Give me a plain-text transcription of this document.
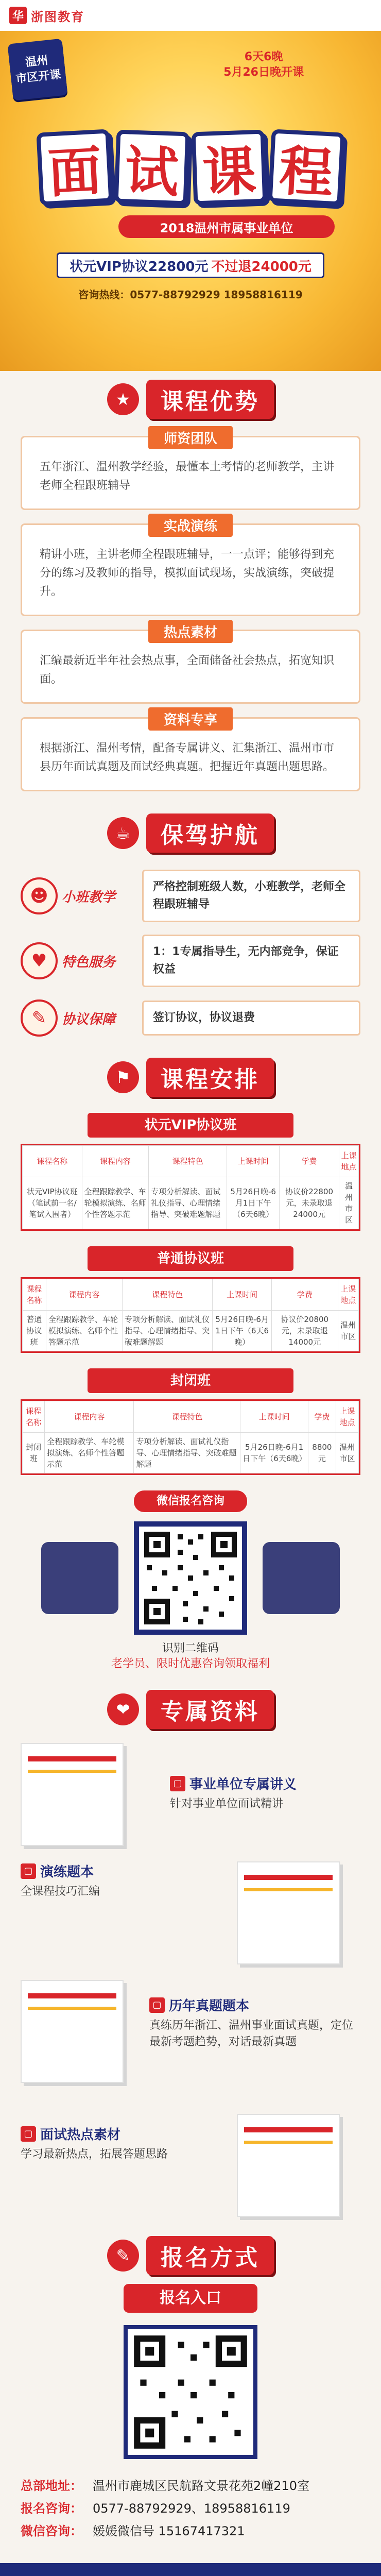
华 浙图教育
温州
市区开课
6天6晚
5月26日晚开课
面 试 课 程
2018温州市属事业单位
状元VIP协议22800元 不过退24000元
咨询热线：0577-88792929 18958816119
★	课程优势
师资团队

五年浙江、温州教学经验，最懂本土考情的老师教学，主讲老师全程跟班辅导

实战演练

精讲小班，主讲老师全程跟班辅导，一一点评；能够得到充分的练习及教师的指导，模拟面试现场，实战演练，突破提升。

热点素材

汇编最新近半年社会热点事，全面储备社会热点，拓宽知识面。

资料专享

根据浙江、温州考情，配备专属讲义、汇集浙江、温州市市县历年面试真题及面试经典真题。把握近年真题出题思路。

☕	保驾护航
☻	小班教学
严格控制班级人数，小班教学，老师全程跟班辅导
♥	特色服务
1：1专属指导生，无内部竞争，保证权益
✎	协议保障	签订协议，协议退费
⚑	课程安排
状元VIP协议班
课程名称	课程内容	课程特色	上课时间	学费	上课地点
状元VIP协议班（笔试前一名/笔试入围者）	全程跟踪教学、车轮模拟演练、名师个性答题示范	专项分析解读、面试礼仪指导、心理情绪指导、突破难题解题	5月26日晚-6月1日下午（6天6晚）	协议价22800元，未录取退24000元	温州市区
普通协议班
课程名称	课程内容	课程特色	上课时间	学费	上课地点
普通协议班	全程跟踪教学、车轮模拟演练、名师个性答题示范	专项分析解读、面试礼仪指导、心理情绪指导、突破难题解题	5月26日晚-6月1日下午（6天6晚）	协议价20800元，未录取退14000元	温州市区
封闭班
课程名称	课程内容	课程特色	上课时间	学费	上课地点
封闭班	全程跟踪教学、车轮模拟演练、名师个性答题示范	专项分析解读、面试礼仪指导、心理情绪指导、突破难题解题	5月26日晚-6月1日下午（6天6晚）	8800元	温州市区
微信报名咨询
识别二维码
老学员、限时优惠咨询领取福利
❤	专属资料
▢ 事业单位专属讲义
针对事业单位面试精讲
▢ 演练题本
全课程技巧汇编
▢ 历年真题题本
真练历年浙江、温州事业面试真题，定位最新考题趋势，对话最新真题
▢ 面试热点素材
学习最新热点，拓展答题思路
✎	报名方式
报名入口
总部地址： 温州市鹿城区民航路文景花苑2幢210室
报名咨询： 0577-88792929、18958816119
微信咨询： 媛媛微信号 15167417321
